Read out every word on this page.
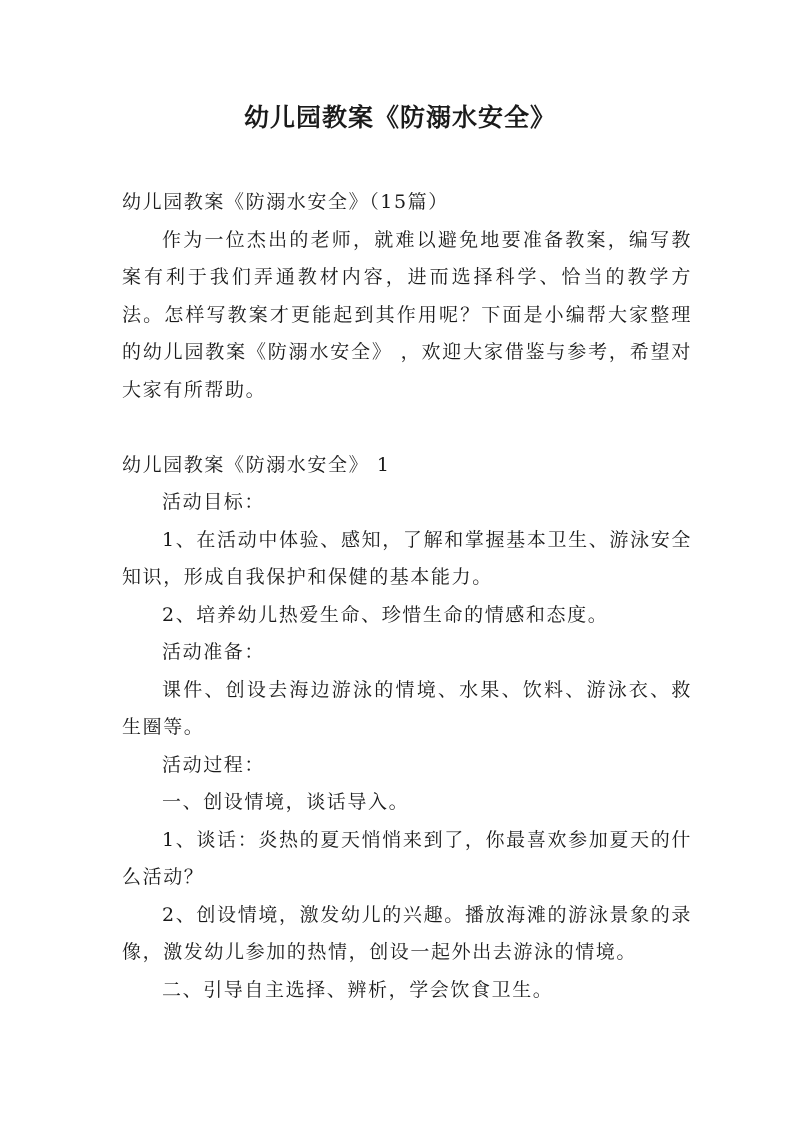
幼儿园教案《防溺水安全》

幼儿园教案《防溺水安全》（15篇）

作为一位杰出的老师，就难以避免地要准备教案，编写教案有利于我们弄通教材内容，进而选择科学、恰当的教学方法。怎样写教案才更能起到其作用呢？下面是小编帮大家整理的幼儿园教案《防溺水安全》 ，欢迎大家借鉴与参考，希望对大家有所帮助。

幼儿园教案《防溺水安全》 1

活动目标：

1、在活动中体验、感知，了解和掌握基本卫生、游泳安全知识，形成自我保护和保健的基本能力。

2、培养幼儿热爱生命、珍惜生命的情感和态度。

活动准备：

课件、创设去海边游泳的情境、水果、饮料、游泳衣、救生圈等。

活动过程：

一、创设情境，谈话导入。

1、谈话：炎热的夏天悄悄来到了，你最喜欢参加夏天的什么活动？

2、创设情境，激发幼儿的兴趣。播放海滩的游泳景象的录像，激发幼儿参加的热情，创设一起外出去游泳的情境。

二、引导自主选择、辨析，学会饮食卫生。
